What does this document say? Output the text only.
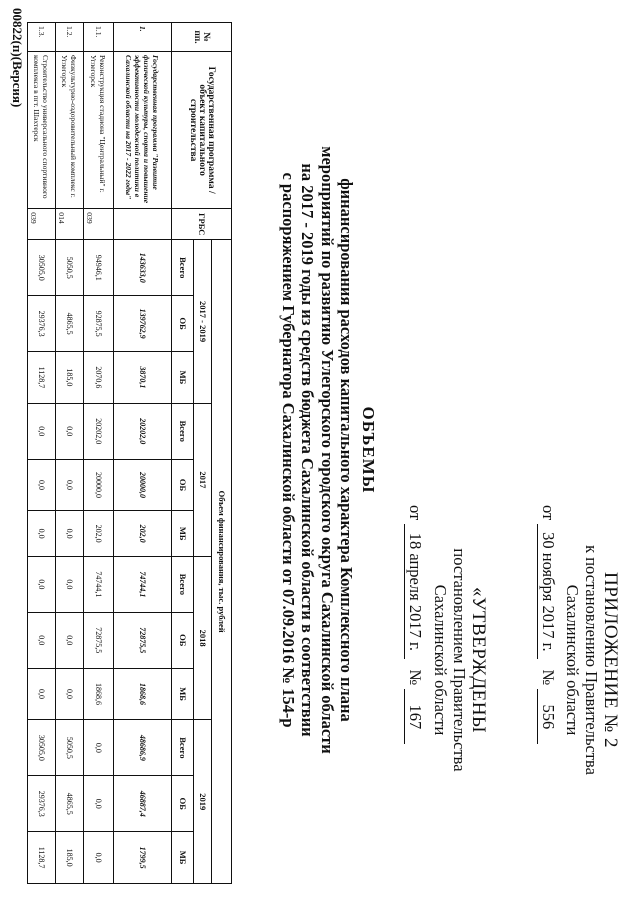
ПРИЛОЖЕНИЕ № 2
к постановлению Правительства
Сахалинской области
от 30 ноября 2017 г. № 556
«УТВЕРЖДЕНЫ
постановлением Правительства
Сахалинской области
от 18 апреля 2017 г. № 167
ОБЪЕМЫ
финансирования расходов капитального характера Комплексного плана
мероприятий по развитию Углегорского городского округа Сахалинской области
на 2017 - 2019 годы из средств бюджета Сахалинской области в соответствии
с распоряжением Губернатора Сахалинской области от 07.09.2016 № 154-р
№ пп.	Государственная программа /объект капитального строительства	ГРБС	Объем финансирования, тыс. рублей											
			2017 - 2019			2017			2018			2019		
			Всего	ОБ	МБ	Всего	ОБ	МБ	Всего	ОБ	МБ	Всего	ОБ	МБ
1.	Государственная программа "Развитие физической культуры, спорта и повышение эффективности молодежной политики в Сахалинской области на 2017 - 2022 годы"		143633,0	139762,9	3870,1	20202,0	20000,0	202,0	74744,1	72875,5	1868,6	48686,9	46887,4	1799,5
1.1.	Реконструкция стадиона "Центральный" г. Углегорск	039	94946,1	92875,5	2070,6	20202,0	20000,0	202,0	74744,1	72875,5	1868,6	0,0	0,0	0,0
1.2.	Физкультурно-оздоровительный комплекс г. Углегорск	014	5050,5	4865,5	185,0	0,0	0,0	0,0	0,0	0,0	0,0	5050,5	4865,5	185,0
1.3.	Строительство универсального спортивного комплекса в пгт. Шахтерск	039	30505,0	29376,3	1128,7	0,0	0,0	0,0	0,0	0,0	0,0	30505,0	29376,3	1128,7
00822(п)(Версия)
